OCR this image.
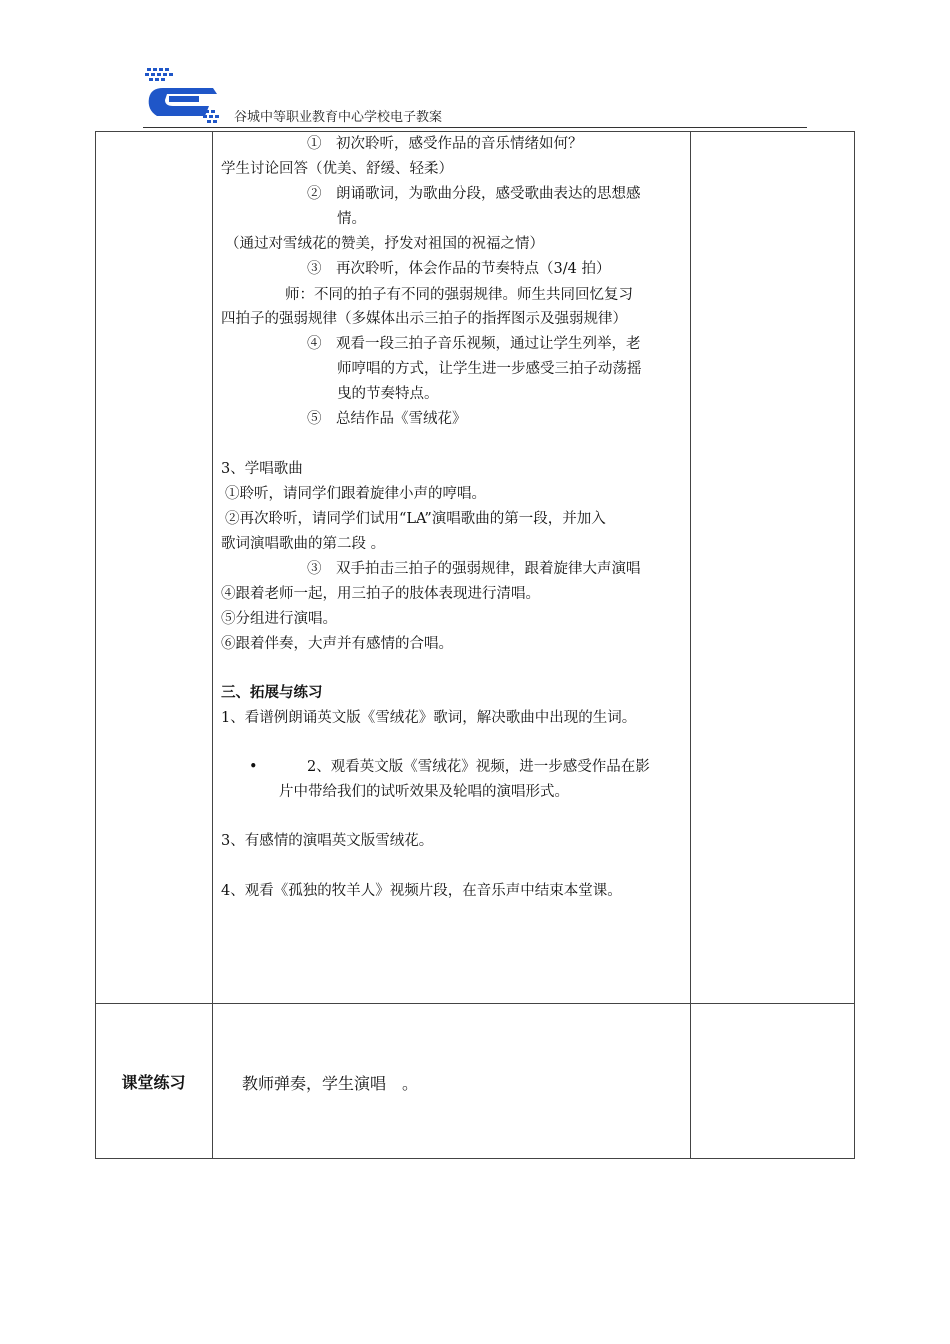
谷城中等职业教育中心学校电子教案
①　初次聆听，感受作品的音乐情绪如何？
学生讨论回答（优美、舒缓、轻柔）
②　朗诵歌词，为歌曲分段，感受歌曲表达的思想感
情。
（通过对雪绒花的赞美，抒发对祖国的祝福之情）
③　再次聆听，体会作品的节奏特点（3/4 拍）
师：不同的拍子有不同的强弱规律。师生共同回忆复习
四拍子的强弱规律（多媒体出示三拍子的指挥图示及强弱规律）
④　观看一段三拍子音乐视频，通过让学生列举，老
师哼唱的方式，让学生进一步感受三拍子动荡摇
曳的节奏特点。
⑤　总结作品《雪绒花》
3、学唱歌曲
①聆听，请同学们跟着旋律小声的哼唱。
②再次聆听，请同学们试用“LA”演唱歌曲的第一段，并加入
歌词演唱歌曲的第二段 。
③　双手拍击三拍子的强弱规律，跟着旋律大声演唱
④跟着老师一起，用三拍子的肢体表现进行清唱。
⑤分组进行演唱。
⑥跟着伴奏，大声并有感情的合唱。
三、拓展与练习
1、看谱例朗诵英文版《雪绒花》歌词，解决歌曲中出现的生词。
•	2、观看英文版《雪绒花》视频，进一步感受作品在影
片中带给我们的试听效果及轮唱的演唱形式。
3、有感情的演唱英文版雪绒花。
4、观看《孤独的牧羊人》视频片段，在音乐声中结束本堂课。
课堂练习	教师弹奏，学生演唱　。
